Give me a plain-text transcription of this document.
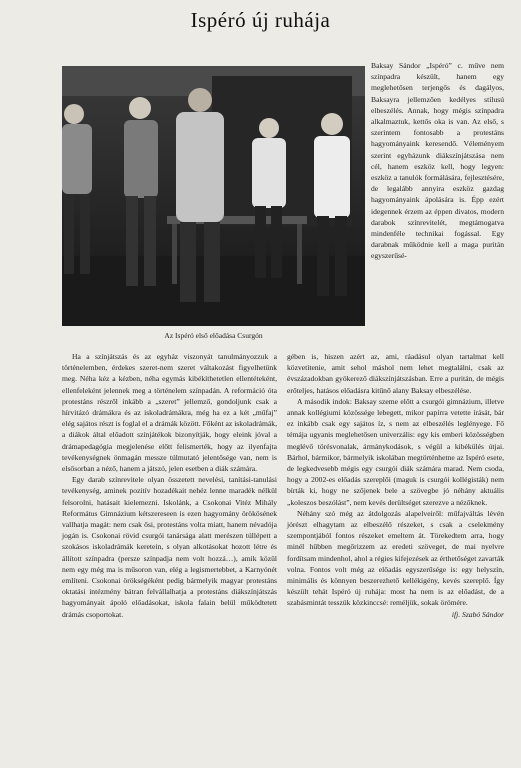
Ispéró új ruhája
Az Ispéró első előadása Csurgón

Baksay Sándor „Ispéró” c. műve nem színpadra készült, hanem egy meglehetősen terjengős és dagályos, Baksayra jellemzően kedélyes stílusú elbeszélés. Annak, hogy mégis színpadra alkalmaztuk, kettős oka is van. Az első, s szerintem fontosabb a protestáns hagyományaink keresendő. Véleményem szerint egyházunk diákszínjátszása nem cél, hanem eszköz kell, hogy legyen: eszköz a tanulók formálására, fejlesztésére, de legalább annyira eszköz gazdag hagyományaink ápolására is. Épp ezért idegennek érzem az éppen divatos, modern darabok színrevitelét, megtámogatva mindenféle technikai fogással. Egy darabnak működnie kell a maga puritán egyszerűsé-

Ha a színjátszás és az egyház viszonyát tanulmányozzuk a történelemben, érdekes szeret-nem szeret váltakozást figyelhetünk meg. Néha kéz a kézben, néha egymás kibékíthetetlen ellentéteként, ellenfeleként jelennek meg a történelem színpadán. A reformáció óta protestáns részről inkább a „szeret” jellemző, gondoljunk csak a hírvitázó drámákra és az iskoladrámákra, még ha ez a két „műfaj” elég sajátos részt is foglal el a drámák között. Főként az iskoladrámák, a diákok által előadott színjátékok bizonyítják, hogy eleink jóval a drámapedagógia megjelenése előtt felismerték, hogy az ilyenfajta tevékenységnek önmagán messze túlmutató jelentősége van, nem is elsősorban a néző, hanem a játszó, jelen esetben a diák számára.

Egy darab színrevitele olyan összetett nevelési, tanítási-tanulási tevékenység, aminek pozitív hozadékait nehéz lenne maradék nélkül felsorolni, hatásait kielemezni. Iskolánk, a Csokonai Vitéz Mihály Református Gimnázium kétszereseen is ezen hagyomány örökösének vallhatja magát: nem csak ősi, protestáns volta miatt, hanem névadója jogán is. Csokonai rövid csurgói tanársága alatt merészen túllépett a szokásos iskoladrámák keretein, s olyan alkotásokat hozott létre és állított színpadra (persze színpadja nem volt hozzá…), amik közül nem egy még ma is műsoron van, elég a legismertebbet, a Karnyónét említeni. Csokonai örökségéként pedig bármelyik magyar protestáns oktatási intézmény bátran felvállalhatja a protestáns diákszínjátszás hagyományait ápoló előadásokat, iskola falain belül működtetett drámás csoportokat.

gében is, hiszen azért az, ami, ráadásul olyan tartalmat kell közvetítenie, amit sehol máshol nem lehet megtalálni, csak az évszázadokban gyökerező diákszínjátszásban. Erre a puritán, de mégis erőteljes, hatásos előadásra kitűnő alany Baksay elbeszélése.

A második indok: Baksay szeme előtt a csurgói gimnázium, illetve annak kollégiumi közössége lebegett, mikor papírra vetette írását, bár ez inkább csak egy sajátos íz, s nem az elbeszélés leglényege. Fő témája ugyanis meglehetősen univerzális: egy kis emberi közösségben meglévő törésvonalak, ármánykodások, s végül a kibékülés útjai. Bárhol, bármikor, bármelyik iskolában megtörténhetne az Ispéró esete, de legkedvesebb mégis egy csurgói diák számára marad. Nem csoda, hogy a 2002-es előadás szereplői (maguk is csurgói kollégisták) nem bírták ki, hogy ne szőjenek bele a szövegbe jó néhány aktuális „koleszos beszólást”, nem kevés derültséget szerezve a nézőknek.

Néhány szó még az átdolgozás alapelveiről: műfajváltás lévén jórészt elhagytam az elbeszélő részeket, s csak a cselekmény szempontjából fontos részeket emeltem át. Törekedtem arra, hogy minél hűbben megőrizzem az eredeti szöveget, de mai nyelvre fordítsam mindenhol, ahol a régies kifejezések az érthetőséget zavarták volna. Fontos volt még az előadás egyszerűsége is: egy helyszín, minimális és könnyen beszerezhető kellékigény, kevés szereplő. Így készült tehát Ispéró új ruhája: most ha nem is az előadást, de a szabásmintát tesszük közkinccsé: reméljük, sokak örömére.

ifj. Szabó Sándor
